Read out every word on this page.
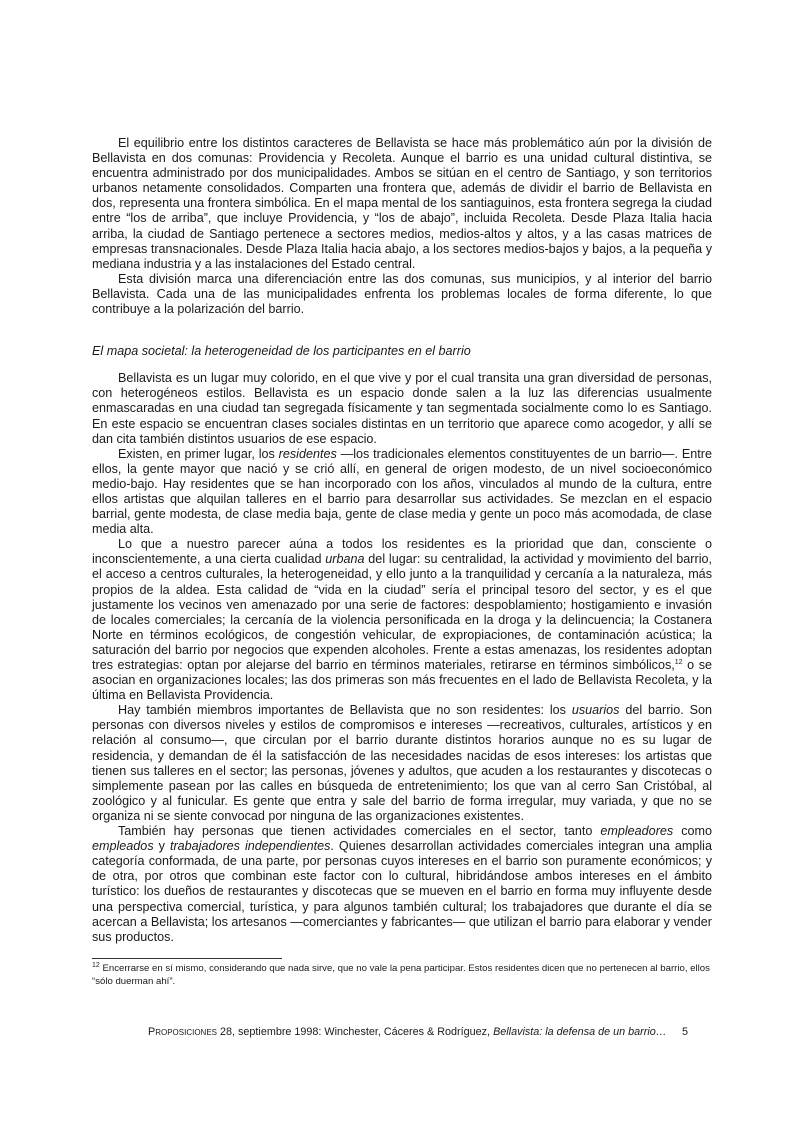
El equilibrio entre los distintos caracteres de Bellavista se hace más problemático aún por la división de Bellavista en dos comunas: Providencia y Recoleta. Aunque el barrio es una unidad cultural distintiva, se encuentra administrado por dos municipalidades. Ambos se sitúan en el centro de Santiago, y son territorios urbanos netamente consolidados. Comparten una frontera que, además de dividir el barrio de Bellavista en dos, representa una frontera simbólica. En el mapa mental de los santiaguinos, esta frontera segrega la ciudad entre “los de arriba”, que incluye Providencia, y “los de abajo”, incluida Recoleta. Desde Plaza Italia hacia arriba, la ciudad de Santiago pertenece a sectores medios, medios-altos y altos, y a las casas matrices de empresas transnacionales. Desde Plaza Italia hacia abajo, a los sectores medios-bajos y bajos, a la pequeña y mediana industria y a las instalaciones del Estado central.

Esta división marca una diferenciación entre las dos comunas, sus municipios, y al interior del barrio Bellavista. Cada una de las municipalidades enfrenta los problemas locales de forma diferente, lo que contribuye a la polarización del barrio.

El mapa societal: la heterogeneidad de los participantes en el barrio

Bellavista es un lugar muy colorido, en el que vive y por el cual transita una gran diversidad de personas, con heterogéneos estilos. Bellavista es un espacio donde salen a la luz las diferencias usualmente enmascaradas en una ciudad tan segregada físicamente y tan segmentada socialmente como lo es Santiago. En este espacio se encuentran clases sociales distintas en un territorio que aparece como acogedor, y allí se dan cita también distintos usuarios de ese espacio.

Existen, en primer lugar, los residentes —los tradicionales elementos constituyentes de un barrio—. Entre ellos, la gente mayor que nació y se crió allí, en general de origen modesto, de un nivel socioeconómico medio-bajo. Hay residentes que se han incorporado con los años, vinculados al mundo de la cultura, entre ellos artistas que alquilan talleres en el barrio para desarrollar sus actividades. Se mezclan en el espacio barrial, gente modesta, de clase media baja, gente de clase media y gente un poco más acomodada, de clase media alta.

Lo que a nuestro parecer aúna a todos los residentes es la prioridad que dan, consciente o inconscientemente, a una cierta cualidad urbana del lugar: su centralidad, la actividad y movimiento del barrio, el acceso a centros culturales, la heterogeneidad, y ello junto a la tranquilidad y cercanía a la naturaleza, más propios de la aldea. Esta calidad de “vida en la ciudad” sería el principal tesoro del sector, y es el que justamente los vecinos ven amenazado por una serie de factores: despoblamiento; hostigamiento e invasión de locales comerciales; la cercanía de la violencia personificada en la droga y la delincuencia; la Costanera Norte en términos ecológicos, de congestión vehicular, de expropiaciones, de contaminación acústica; la saturación del barrio por negocios que expenden alcoholes. Frente a estas amenazas, los residentes adoptan tres estrategias: optan por alejarse del barrio en términos materiales, retirarse en términos simbólicos,$^{12}$ o se asocian en organizaciones locales; las dos primeras son más frecuentes en el lado de Bellavista Recoleta, y la última en Bellavista Providencia.

Hay también miembros importantes de Bellavista que no son residentes: los usuarios del barrio. Son personas con diversos niveles y estilos de compromisos e intereses —recreativos, culturales, artísticos y en relación al consumo—, que circulan por el barrio durante distintos horarios aunque no es su lugar de residencia, y demandan de él la satisfacción de las necesidades nacidas de esos intereses: los artistas que tienen sus talleres en el sector; las personas, jóvenes y adultos, que acuden a los restaurantes y discotecas o simplemente pasean por las calles en búsqueda de entretenimiento; los que van al cerro San Cristóbal, al zoológico y al funicular. Es gente que entra y sale del barrio de forma irregular, muy variada, y que no se organiza ni se siente convocad por ninguna de las organizaciones existentes.

También hay personas que tienen actividades comerciales en el sector, tanto empleadores como empleados y trabajadores independientes. Quienes desarrollan actividades comerciales integran una amplia categoría conformada, de una parte, por personas cuyos intereses en el barrio son puramente económicos; y de otra, por otros que combinan este factor con lo cultural, hibridándose ambos intereses en el ámbito turístico: los dueños de restaurantes y discotecas que se mueven en el barrio en forma muy influyente desde una perspectiva comercial, turística, y para algunos también cultural; los trabajadores que durante el día se acercan a Bellavista; los artesanos —comerciantes y fabricantes— que utilizan el barrio para elaborar y vender sus productos.

$^{12}$ Encerrarse en sí mismo, considerando que nada sirve, que no vale la pena participar. Estos residentes dicen que no pertenecen al barrio, ellos “sólo duerman ahí”.
Proposiciones 28, septiembre 1998: Winchester, Cáceres & Rodríguez, Bellavista: la defensa de un barrio… 5
